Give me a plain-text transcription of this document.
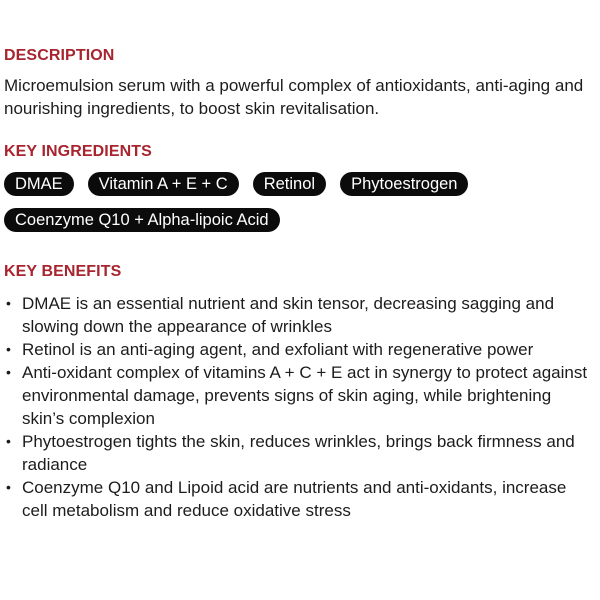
DESCRIPTION

Microemulsion serum with a powerful complex of antioxidants, anti-aging and nourishing ingredients, to boost skin revitalisation.

KEY INGREDIENTS
DMAE	Vitamin A + E + C	Retinol	Phytoestrogen
Coenzyme Q10 + Alpha-lipoic Acid
KEY BENEFITS
• DMAE is an essential nutrient and skin tensor, decreasing sagging and slowing down the appearance of wrinkles
• Retinol is an anti-aging agent, and exfoliant with regenerative power
• Anti-oxidant complex of vitamins A + C + E act in synergy to protect against environmental damage, prevents signs of skin aging, while brightening skin’s complexion
• Phytoestrogen tights the skin, reduces wrinkles, brings back firmness and radiance
• Coenzyme Q10 and Lipoid acid are nutrients and anti-oxidants, increase cell metabolism and reduce oxidative stress
